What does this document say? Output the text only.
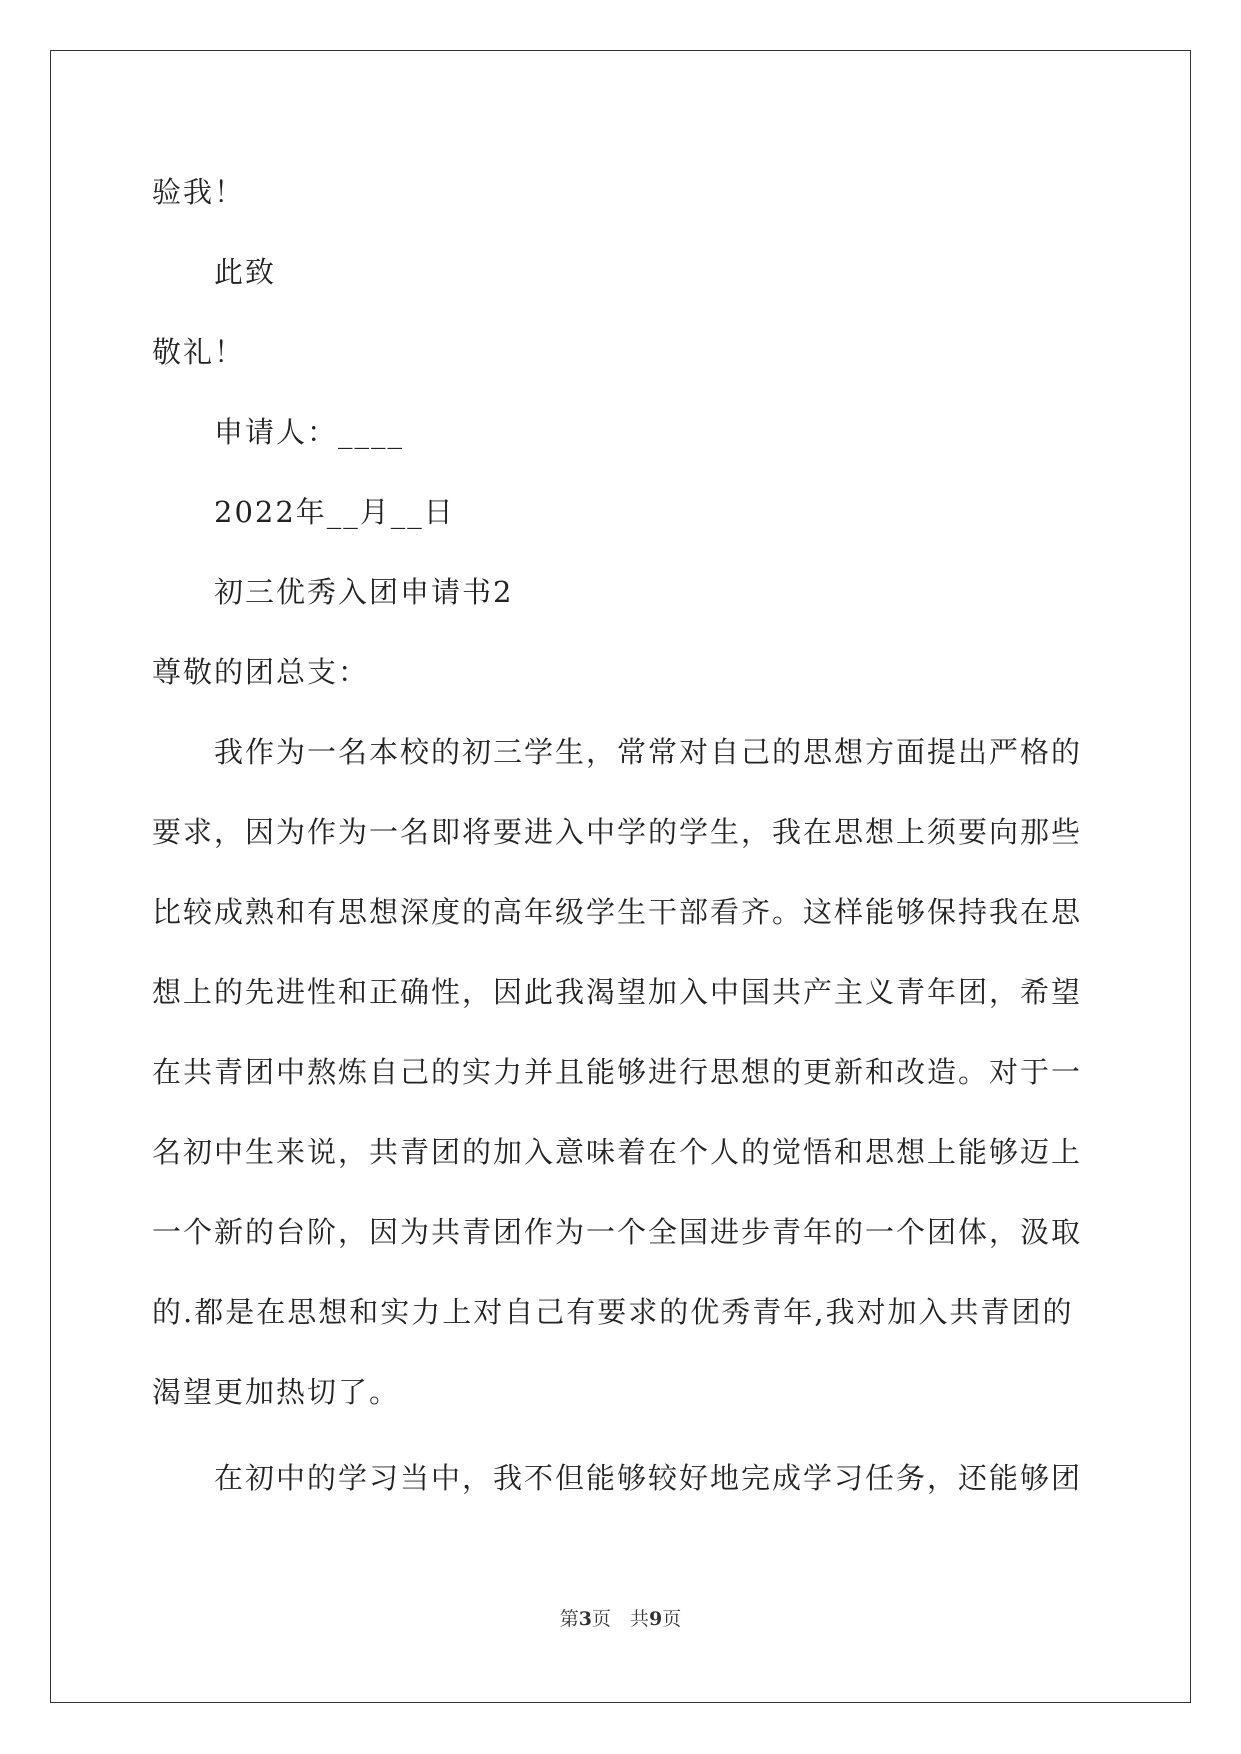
验我！
此致
敬礼！
申请人：____
2022年__月__日
初三优秀入团申请书2
尊敬的团总支：
我作为一名本校的初三学生，常常对自己的思想方面提出严格的
要求，因为作为一名即将要进入中学的学生，我在思想上须要向那些
比较成熟和有思想深度的高年级学生干部看齐。这样能够保持我在思
想上的先进性和正确性，因此我渴望加入中国共产主义青年团，希望
在共青团中熬炼自己的实力并且能够进行思想的更新和改造。对于一
名初中生来说，共青团的加入意味着在个人的觉悟和思想上能够迈上
一个新的台阶，因为共青团作为一个全国进步青年的一个团体，汲取
的.都是在思想和实力上对自己有要求的优秀青年,我对加入共青团的
渴望更加热切了。
在初中的学习当中，我不但能够较好地完成学习任务，还能够团
第3页　共9页
